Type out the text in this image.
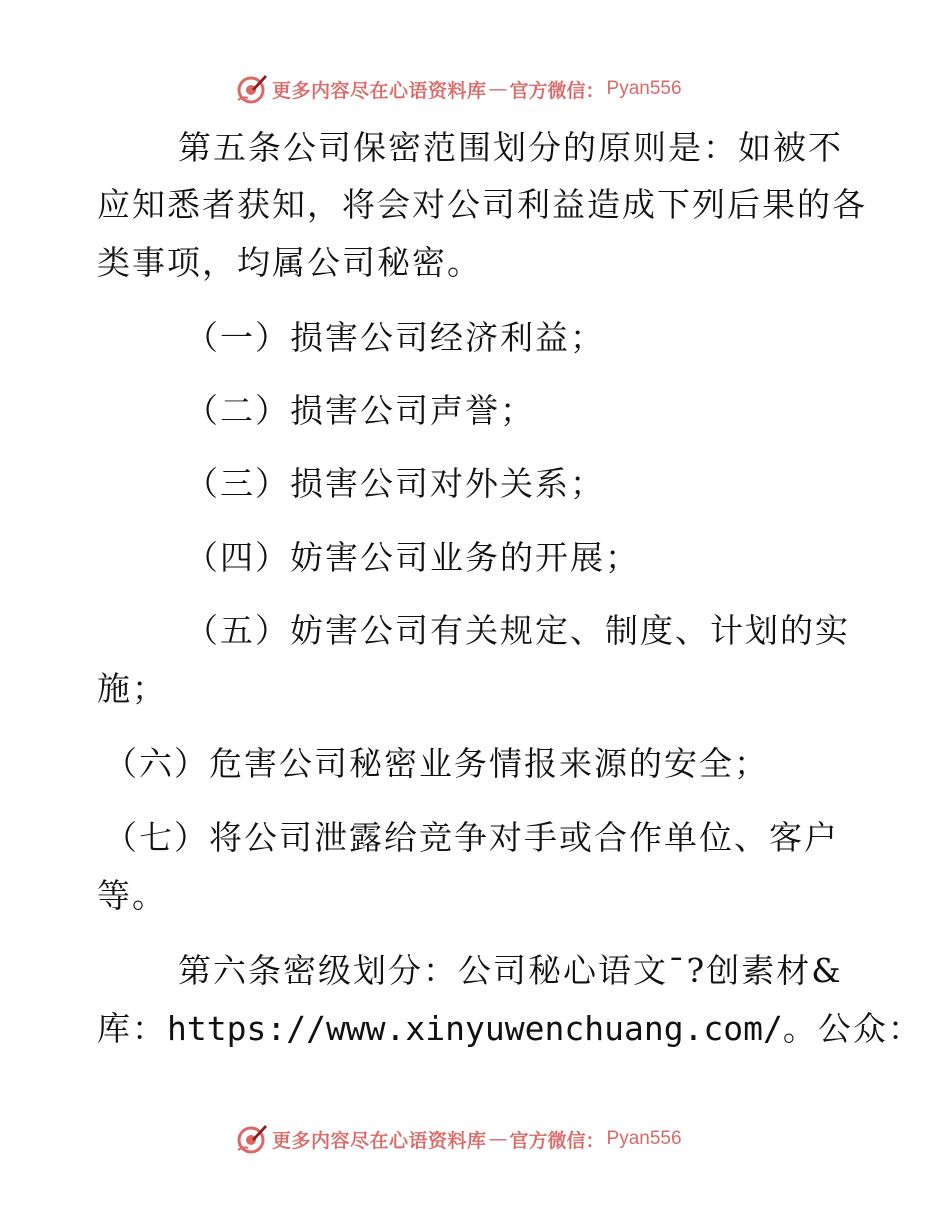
更多内容尽在心语资料库 — 官方微信： Pyan556
第五条公司保密范围划分的原则是：如被不
应知悉者获知，将会对公司利益造成下列后果的各
类事项，均属公司秘密。
（一）损害公司经济利益；
（二）损害公司声誉；
（三）损害公司对外关系；
（四）妨害公司业务的开展；
（五）妨害公司有关规定、制度、计划的实
施；
（六）危害公司秘密业务情报来源的安全；
（七）将公司泄露给竞争对手或合作单位、客户
等。
第六条密级划分：公司秘心语文¯?创素材&
库：https://www.xinyuwenchuang.com/。公众：
更多内容尽在心语资料库 — 官方微信： Pyan556
